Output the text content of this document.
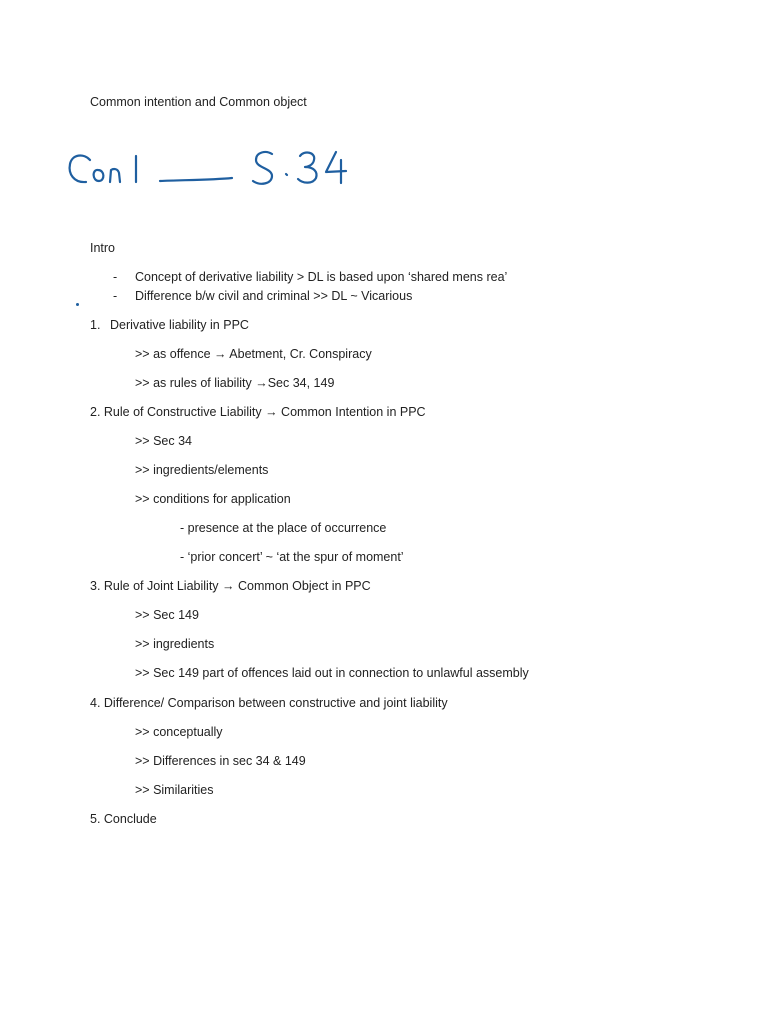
Common intention and Common object
Intro
- Concept of derivative liability > DL is based upon ‘shared mens rea’
- Difference b/w civil and criminal >> DL ~ Vicarious
1. Derivative liability in PPC
>> as offence → Abetment, Cr. Conspiracy
>> as rules of liability →Sec 34, 149
2. Rule of Constructive Liability → Common Intention in PPC
>> Sec 34
>> ingredients/elements
>> conditions for application
- presence at the place of occurrence
- ‘prior concert’ ~ ‘at the spur of moment’
3. Rule of Joint Liability → Common Object in PPC
>> Sec 149
>> ingredients
>> Sec 149 part of offences laid out in connection to unlawful assembly
4. Difference/ Comparison between constructive and joint liability
>> conceptually
>> Differences in sec 34 & 149
>> Similarities
5. Conclude
